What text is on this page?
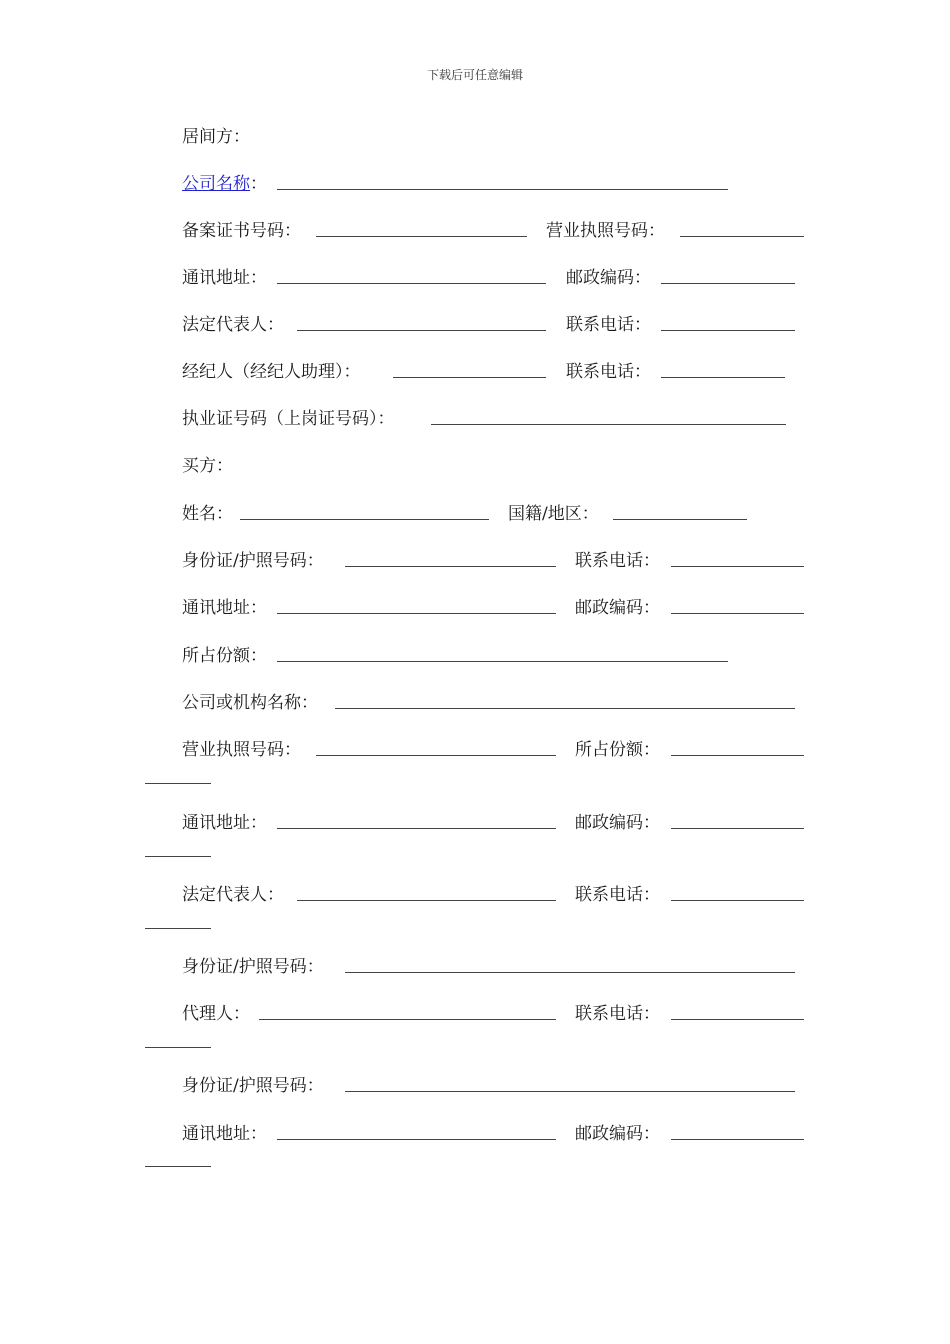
下载后可任意编辑
居间方：
公司名称：
备案证书号码：	营业执照号码：
通讯地址：	邮政编码：
法定代表人：	联系电话：
经纪人（经纪人助理）：	联系电话：
执业证号码（上岗证号码）：
买方：
姓名：	国籍/地区：
身份证/护照号码：	联系电话：
通讯地址：	邮政编码：
所占份额：
公司或机构名称：
营业执照号码：	所占份额：
通讯地址：	邮政编码：
法定代表人：	联系电话：
身份证/护照号码：
代理人：	联系电话：
身份证/护照号码：
通讯地址：	邮政编码：
